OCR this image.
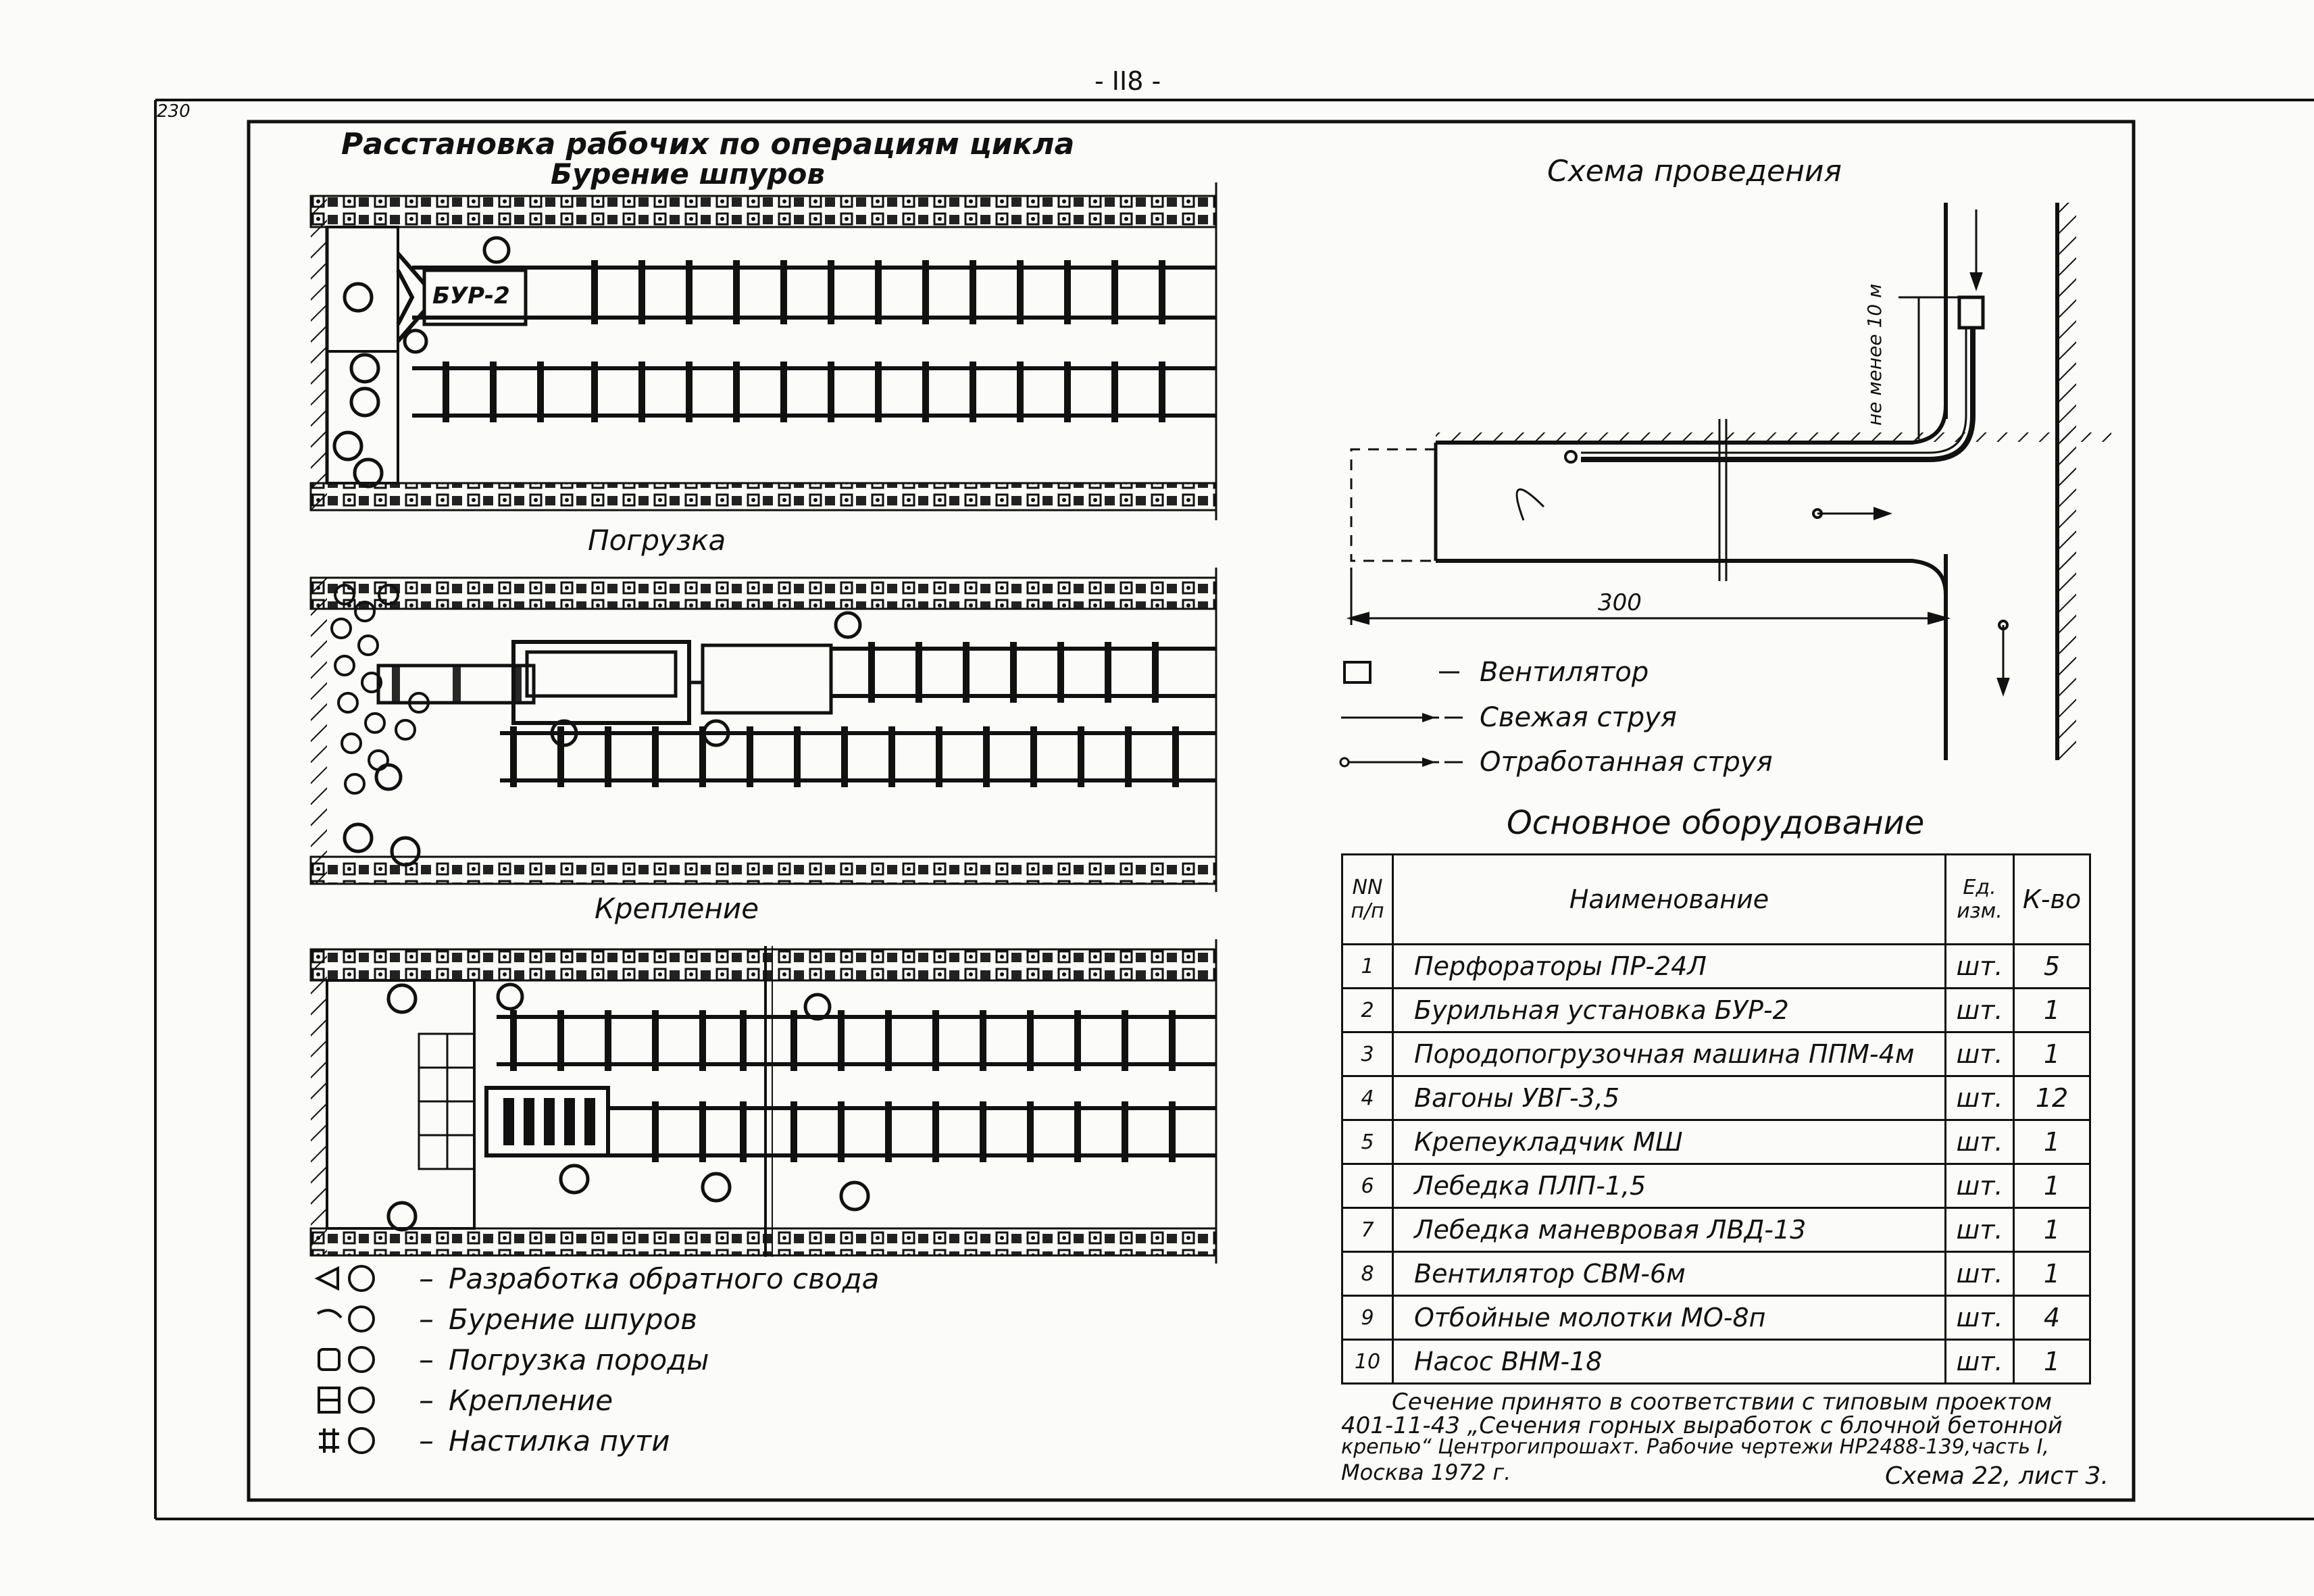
- II8 -
230
Расстановка рабочих по операциям цикла
Бурение шпуров
Погрузка
Крепление
БУР-2
– Разработка обратного свода
– Бурение шпуров
– Погрузка породы
– Крепление
– Настилка пути
Схема проведения
не менее 10 м
300
Вентилятор
Свежая струя
Отработанная струя
Основное оборудование
NN п/п	Наименование	Ед. изм.	К-во
1	Перфораторы ПР-24Л	шт.	5
2	Бурильная установка БУР-2	шт.	1
3	Породопогрузочная машина ППМ-4м	шт.	1
4	Вагоны УВГ-3,5	шт.	12
5	Крепеукладчик МШ	шт.	1
6	Лебедка ПЛП-1,5	шт.	1
7	Лебедка маневровая ЛВД-13	шт.	1
8	Вентилятор СВМ-6м	шт.	1
9	Отбойные молотки МО-8п	шт.	4
10	Насос ВНМ-18	шт.	1
Сечение принято в соответствии с типовым проектом
401-11-43 „Сечения горных выработок с блочной бетонной
крепью“ Центрогипрошахт. Рабочие чертежи НР2488-139,часть I,
Москва 1972 г.	Схема 22, лист 3.
